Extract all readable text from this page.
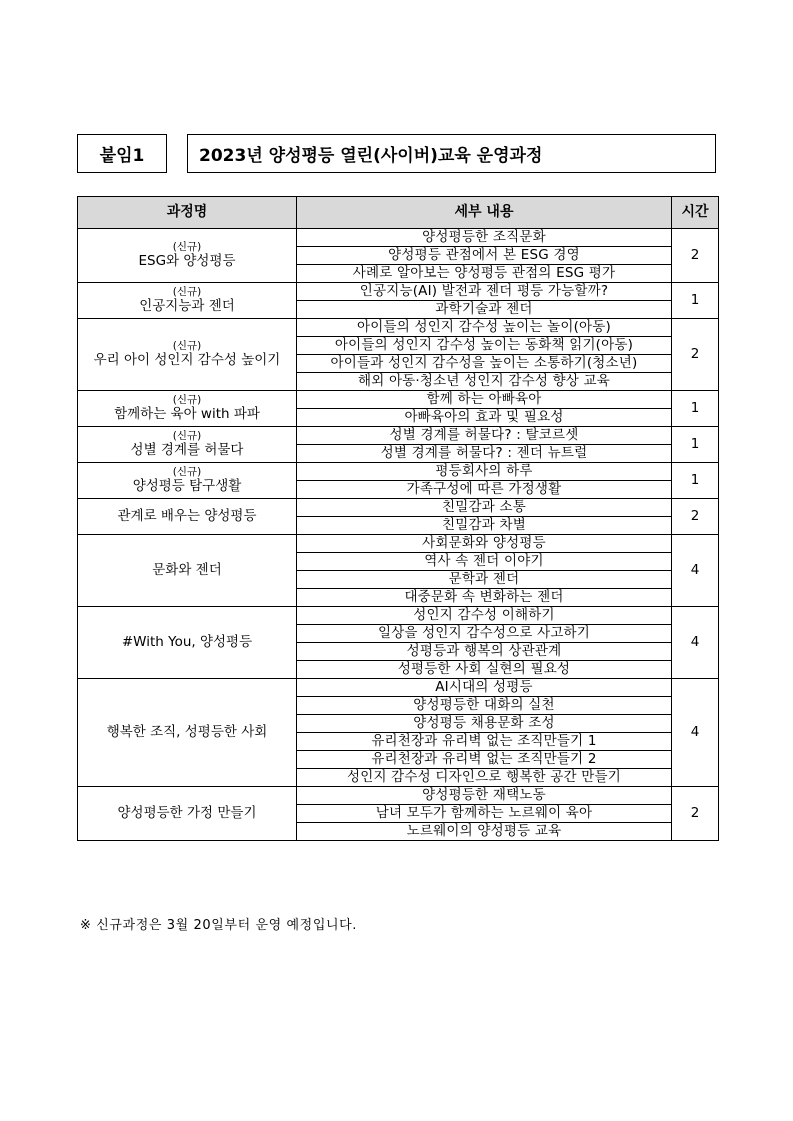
붙임1	2023년 양성평등 열린(사이버)교육 운영과정
과정명	세부 내용	시간

(신규)
ESG와 양성평등	양성평등한 조직문화	2
	양성평등 관점에서 본 ESG 경영	
	사례로 알아보는 양성평등 관점의 ESG 평가	

(신규)
인공지능과 젠더	인공지능(AI) 발전과 젠더 평등 가능할까?	1
	과학기술과 젠더	

(신규)
우리 아이 성인지 감수성 높이기	아이들의 성인지 감수성 높이는 놀이(아동)	2
	아이들의 성인지 감수성 높이는 동화책 읽기(아동)	
	아이들과 성인지 감수성을 높이는 소통하기(청소년)	
	해외 아동·청소년 성인지 감수성 향상 교육	

(신규)
함께하는 육아 with 파파	함께 하는 아빠육아	1
	아빠육아의 효과 및 필요성	

(신규)
성별 경계를 허물다	성별 경계를 허물다? : 탈코르셋	1
	성별 경계를 허물다? : 젠더 뉴트럴	

(신규)
양성평등 탐구생활	평등회사의 하루	1
	가족구성에 따른 가정생활	

관계로 배우는 양성평등	친밀감과 소통	2
	친밀감과 차별	

문화와 젠더	사회문화와 양성평등	4
	역사 속 젠더 이야기	
	문학과 젠더	
	대중문화 속 변화하는 젠더	

#With You, 양성평등	성인지 감수성 이해하기	4
	일상을 성인지 감수성으로 사고하기	
	성평등과 행복의 상관관계	
	성평등한 사회 실현의 필요성	

행복한 조직, 성평등한 사회	AI시대의 성평등	4
	양성평등한 대화의 실천	
	양성평등 채용문화 조성	
	유리천장과 유리벽 없는 조직만들기 1	
	유리천장과 유리벽 없는 조직만들기 2	
	성인지 감수성 디자인으로 행복한 공간 만들기	

양성평등한 가정 만들기	양성평등한 재택노동	2
	남녀 모두가 함께하는 노르웨이 육아	
	노르웨이의 양성평등 교육	
※ 신규과정은 3월 20일부터 운영 예정입니다.
